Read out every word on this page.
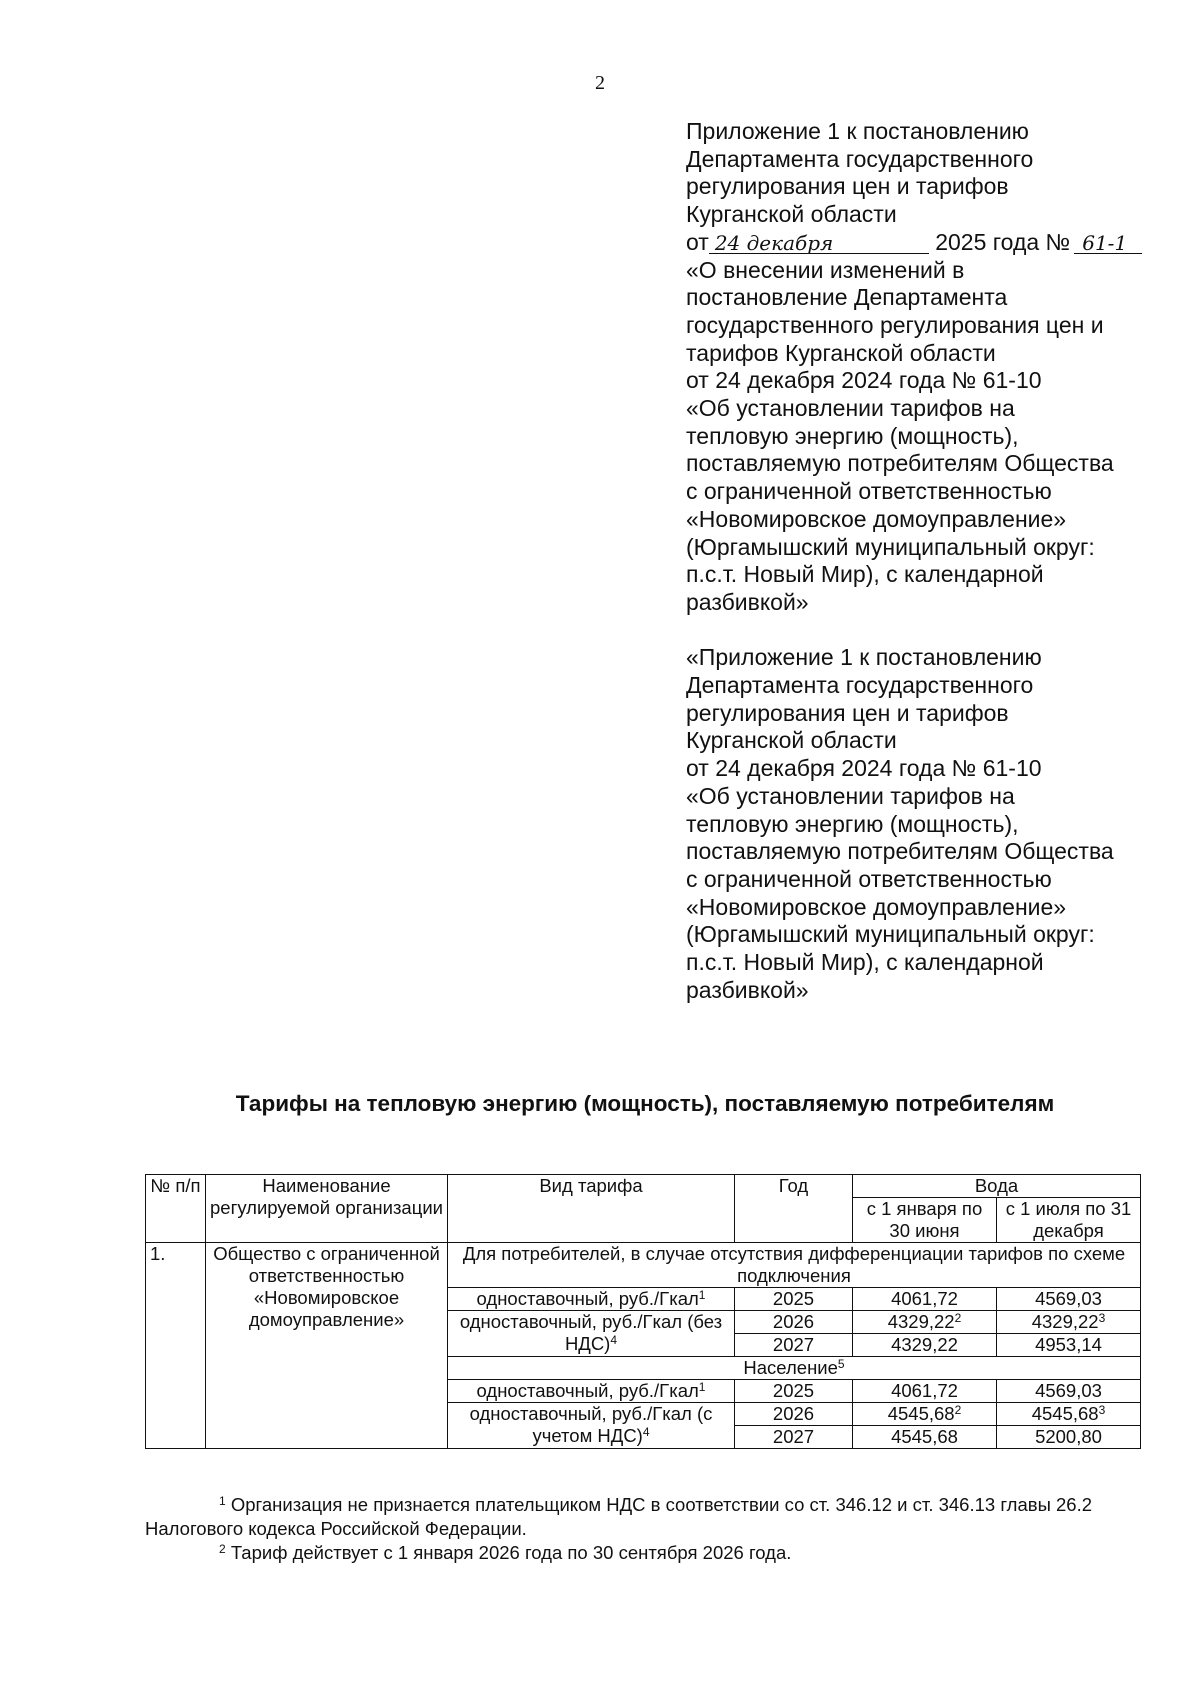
2

Приложение 1 к постановлению

Департамента государственного

регулирования цен и тарифов

Курганской области

от 24 декабря	2025 года № 61-1

«О внесении изменений в

постановление Департамента

государственного регулирования цен и

тарифов Курганской области

от 24 декабря 2024 года № 61-10

«Об установлении тарифов на

тепловую энергию (мощность),

поставляемую потребителям Общества

с ограниченной ответственностью

«Новомировское домоуправление»

(Юргамышский муниципальный округ:

п.с.т. Новый Мир), с календарной

разбивкой»

«Приложение 1 к постановлению

Департамента государственного

регулирования цен и тарифов

Курганской области

от 24 декабря 2024 года № 61-10

«Об установлении тарифов на

тепловую энергию (мощность),

поставляемую потребителям Общества

с ограниченной ответственностью

«Новомировское домоуправление»

(Юргамышский муниципальный округ:

п.с.т. Новый Мир), с календарной

разбивкой»

Тарифы на тепловую энергию (мощность), поставляемую потребителям
№ п/п	Наименование регулируемой организации	Вид тарифа	Год	Вода	
				с 1 января по 30 июня	с 1 июля по 31 декабря
1.	Общество с ограниченной ответственностью «Новомировское домоуправление»	Для потребителей, в случае отсутствия дифференциации тарифов по схеме подключения			
		одноставочный, руб./Гкал$^1$	2025	4061,72	4569,03
		одноставочный, руб./Гкал (без НДС)$^4$	2026	4329,22$^2$	4329,22$^3$
			2027	4329,22	4953,14
		Население$^5$
		одноставочный, руб./Гкал$^1$	2025	4061,72	4569,03
		одноставочный, руб./Гкал (с учетом НДС)$^4$	2026	4545,68$^2$	4545,68$^3$
			2027	4545,68	5200,80

$^1$ Организация не признается плательщиком НДС в соответствии со ст. 346.12 и ст. 346.13 главы 26.2 Налогового кодекса Российской Федерации.

$^2$ Тариф действует с 1 января 2026 года по 30 сентября 2026 года.
